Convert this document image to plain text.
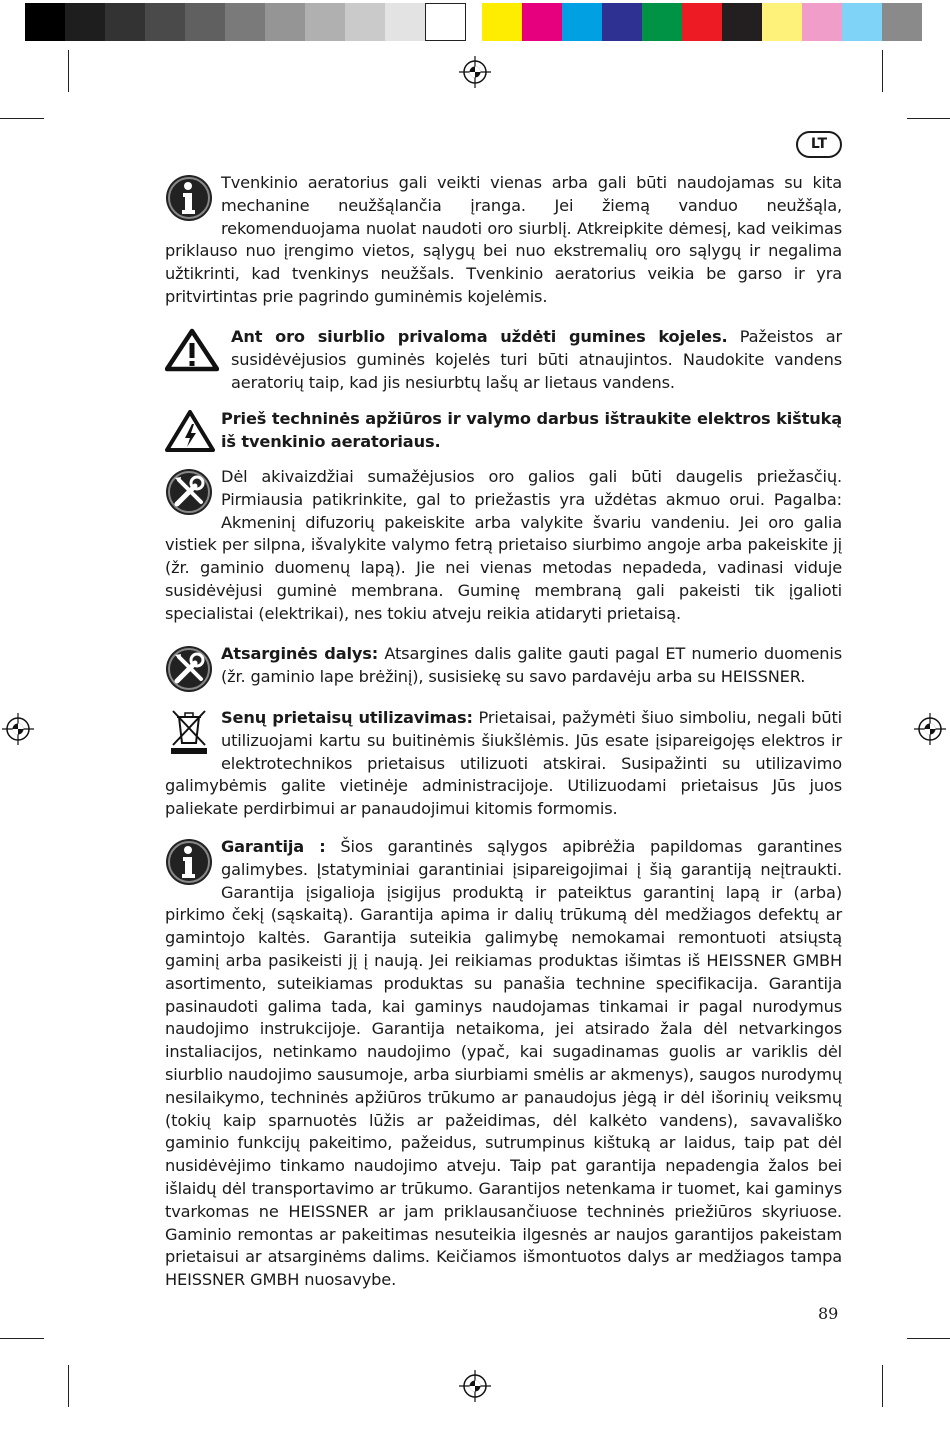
LT
Tvenkinio aeratorius gali veikti vienas arba gali būti naudojamas su kita mechanine neužšąlančia įranga. Jei žiemą vanduo neužšąla, rekomenduojama nuolat naudoti oro siurblį. Atkreipkite dėmesį, kad veikimas priklauso nuo įrengimo vietos, sąlygų bei nuo ekstremalių oro sąlygų ir negalima užtikrinti, kad tvenkinys neužšals. Tvenkinio aeratorius veikia be garso ir yra pritvirtintas prie pagrindo guminėmis kojelėmis.
Ant oro siurblio privaloma uždėti gumines kojeles. Pažeistos ar susidėvėjusios guminės kojelės turi būti atnaujintos. Naudokite vandens aeratorių taip, kad jis nesiurbtų lašų ar lietaus vandens.
Prieš techninės apžiūros ir valymo darbus ištraukite elektros kištuką iš tvenkinio aeratoriaus.
Dėl akivaizdžiai sumažėjusios oro galios gali būti daugelis priežasčių. Pirmiausia patikrinkite, gal to priežastis yra uždėtas akmuo orui. Pagalba: Akmeninį difuzorių pakeiskite arba valykite švariu vandeniu. Jei oro galia vistiek per silpna, išvalykite valymo fetrą prietaiso siurbimo angoje arba pakeiskite jį (žr. gaminio duomenų lapą). Jie nei vienas metodas nepadeda, vadinasi viduje susidėvėjusi guminė membrana. Guminę membraną gali pakeisti tik įgalioti specialistai (elektrikai), nes tokiu atveju reikia atidaryti prietaisą.
Atsarginės dalys: Atsargines dalis galite gauti pagal ET numerio duomenis (žr. gaminio lape brėžinį), susisiekę su savo pardavėju arba su HEISSNER.
Senų prietaisų utilizavimas: Prietaisai, pažymėti šiuo simboliu, negali būti utilizuojami kartu su buitinėmis šiukšlėmis. Jūs esate įsipareigojęs elektros ir elektrotechnikos prietaisus utilizuoti atskirai. Susipažinti su utilizavimo galimybėmis galite vietinėje administracijoje. Utilizuodami prietaisus Jūs juos paliekate perdirbimui ar panaudojimui kitomis formomis.
Garantija : Šios garantinės sąlygos apibrėžia papildomas garantines galimybes. Įstatyminiai garantiniai įsipareigojimai į šią garantiją neįtraukti. Garantija įsigalioja įsigijus produktą ir pateiktus garantinį lapą ir (arba) pirkimo čekį (sąskaitą). Garantija apima ir dalių trūkumą dėl medžiagos defektų ar gamintojo kaltės. Garantija suteikia galimybę nemokamai remontuoti atsiųstą gaminį arba pasikeisti jį į naują. Jei reikiamas produktas išimtas iš HEISSNER GMBH asortimento, suteikiamas produktas su panašia technine specifikacija. Garantija pasinaudoti galima tada, kai gaminys naudojamas tinkamai ir pagal nurodymus naudojimo instrukcijoje. Garantija netaikoma, jei atsirado žala dėl netvarkingos instaliacijos, netinkamo naudojimo (ypač, kai sugadinamas guolis ar variklis dėl siurblio naudojimo sausumoje, arba siurbiami smėlis ar akmenys), saugos nurodymų nesilaikymo, techninės apžiūros trūkumo ar panaudojus jėgą ir dėl išorinių veiksmų (tokių kaip sparnuotės lūžis ar pažeidimas, dėl kalkėto vandens), savavališko gaminio funkcijų pakeitimo, pažeidus, sutrumpinus kištuką ar laidus, taip pat dėl nusidėvėjimo tinkamo naudojimo atveju. Taip pat garantija nepadengia žalos bei išlaidų dėl transportavimo ar trūkumo. Garantijos netenkama ir tuomet, kai gaminys tvarkomas ne HEISSNER ar jam priklausančiuose techninės priežiūros skyriuose. Gaminio remontas ar pakeitimas nesuteikia ilgesnės ar naujos garantijos pakeistam prietaisui ar atsarginėms dalims. Keičiamos išmontuotos dalys ar medžiagos tampa HEISSNER GMBH nuosavybe.
89
